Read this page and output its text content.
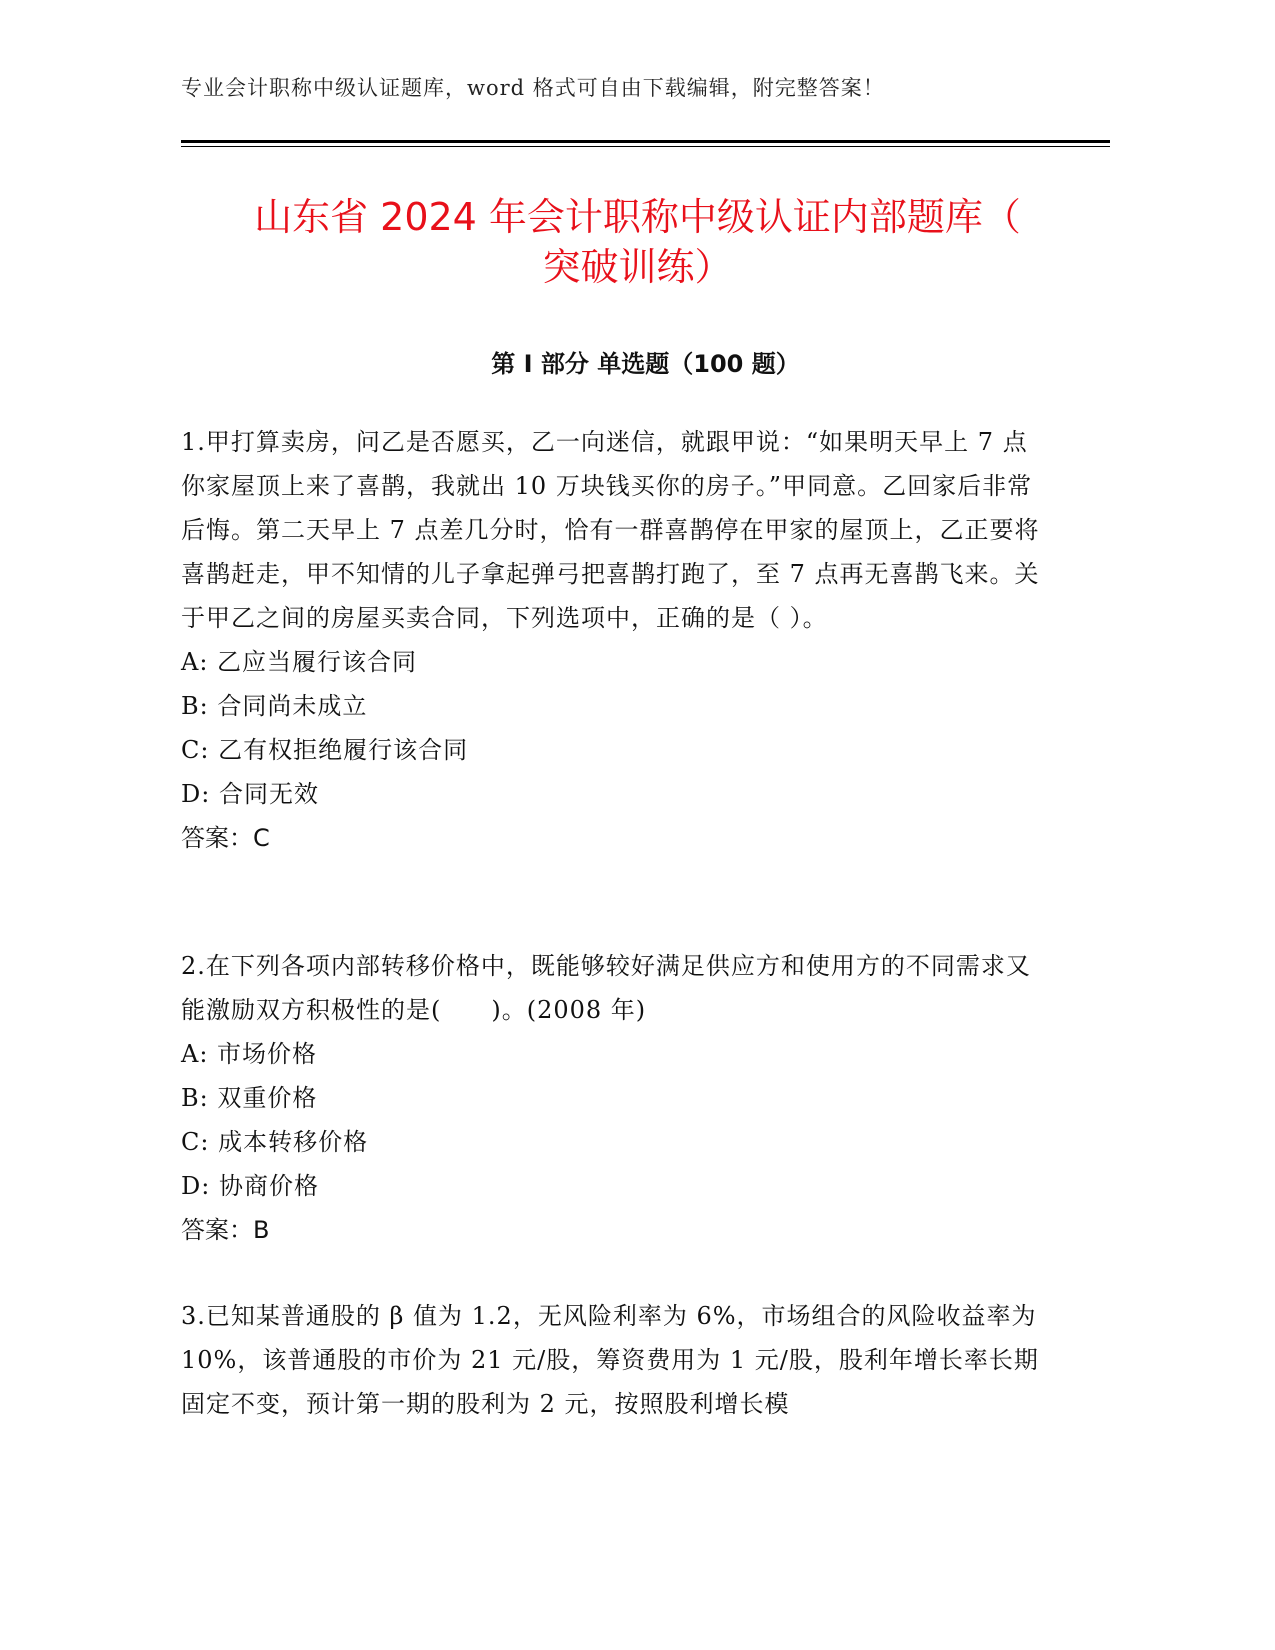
专业会计职称中级认证题库，word 格式可自由下载编辑，附完整答案！
山东省 2024 年会计职称中级认证内部题库（
突破训练）
第 I 部分 单选题（100 题）

1.甲打算卖房，问乙是否愿买，乙一向迷信，就跟甲说：“如果明天早上 7 点你家屋顶上来了喜鹊，我就出 10 万块钱买你的房子。”甲同意。乙回家后非常后悔。第二天早上 7 点差几分时，恰有一群喜鹊停在甲家的屋顶上，乙正要将喜鹊赶走，甲不知情的儿子拿起弹弓把喜鹊打跑了，至 7 点再无喜鹊飞来。关于甲乙之间的房屋买卖合同，下列选项中，正确的是（ ）。

A: 乙应当履行该合同

B: 合同尚未成立

C: 乙有权拒绝履行该合同

D: 合同无效

答案：C

2.在下列各项内部转移价格中，既能够较好满足供应方和使用方的不同需求又能激励双方积极性的是(　　)。(2008 年)

A: 市场价格

B: 双重价格

C: 成本转移价格

D: 协商价格

答案：B

3.已知某普通股的 β 值为 1.2，无风险利率为 6%，市场组合的风险收益率为 10%，该普通股的市价为 21 元/股，筹资费用为 1 元/股，股利年增长率长期固定不变，预计第一期的股利为 2 元，按照股利增长模
